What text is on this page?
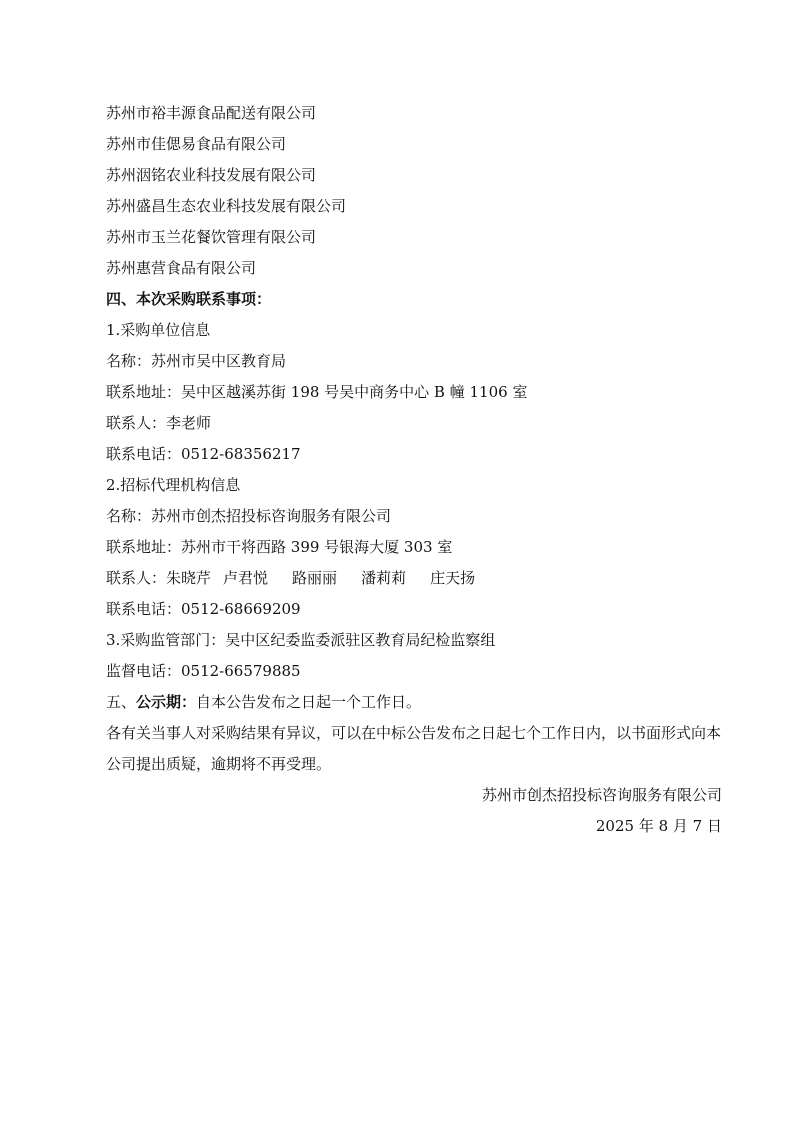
苏州市裕丰源食品配送有限公司
苏州市佳偲易食品有限公司
苏州洇铭农业科技发展有限公司
苏州盛昌生态农业科技发展有限公司
苏州市玉兰花餐饮管理有限公司
苏州惠营食品有限公司
四、本次采购联系事项：
1.采购单位信息
名称：苏州市吴中区教育局
联系地址：吴中区越溪苏街 198 号吴中商务中心 B 幢 1106 室
联系人：李老师
联系电话：0512-68356217
2.招标代理机构信息
名称：苏州市创杰招投标咨询服务有限公司
联系地址：苏州市干将西路 399 号银海大厦 303 室
联系人：朱晓芹 卢君悦 路丽丽 潘莉莉 庄天扬
联系电话：0512-68669209
3.采购监管部门：吴中区纪委监委派驻区教育局纪检监察组
监督电话：0512-66579885
五、公示期：自本公告发布之日起一个工作日。
各有关当事人对采购结果有异议，可以在中标公告发布之日起七个工作日内，以书面形式向本公司提出质疑，逾期将不再受理。
苏州市创杰招投标咨询服务有限公司
2025 年 8 月 7 日
